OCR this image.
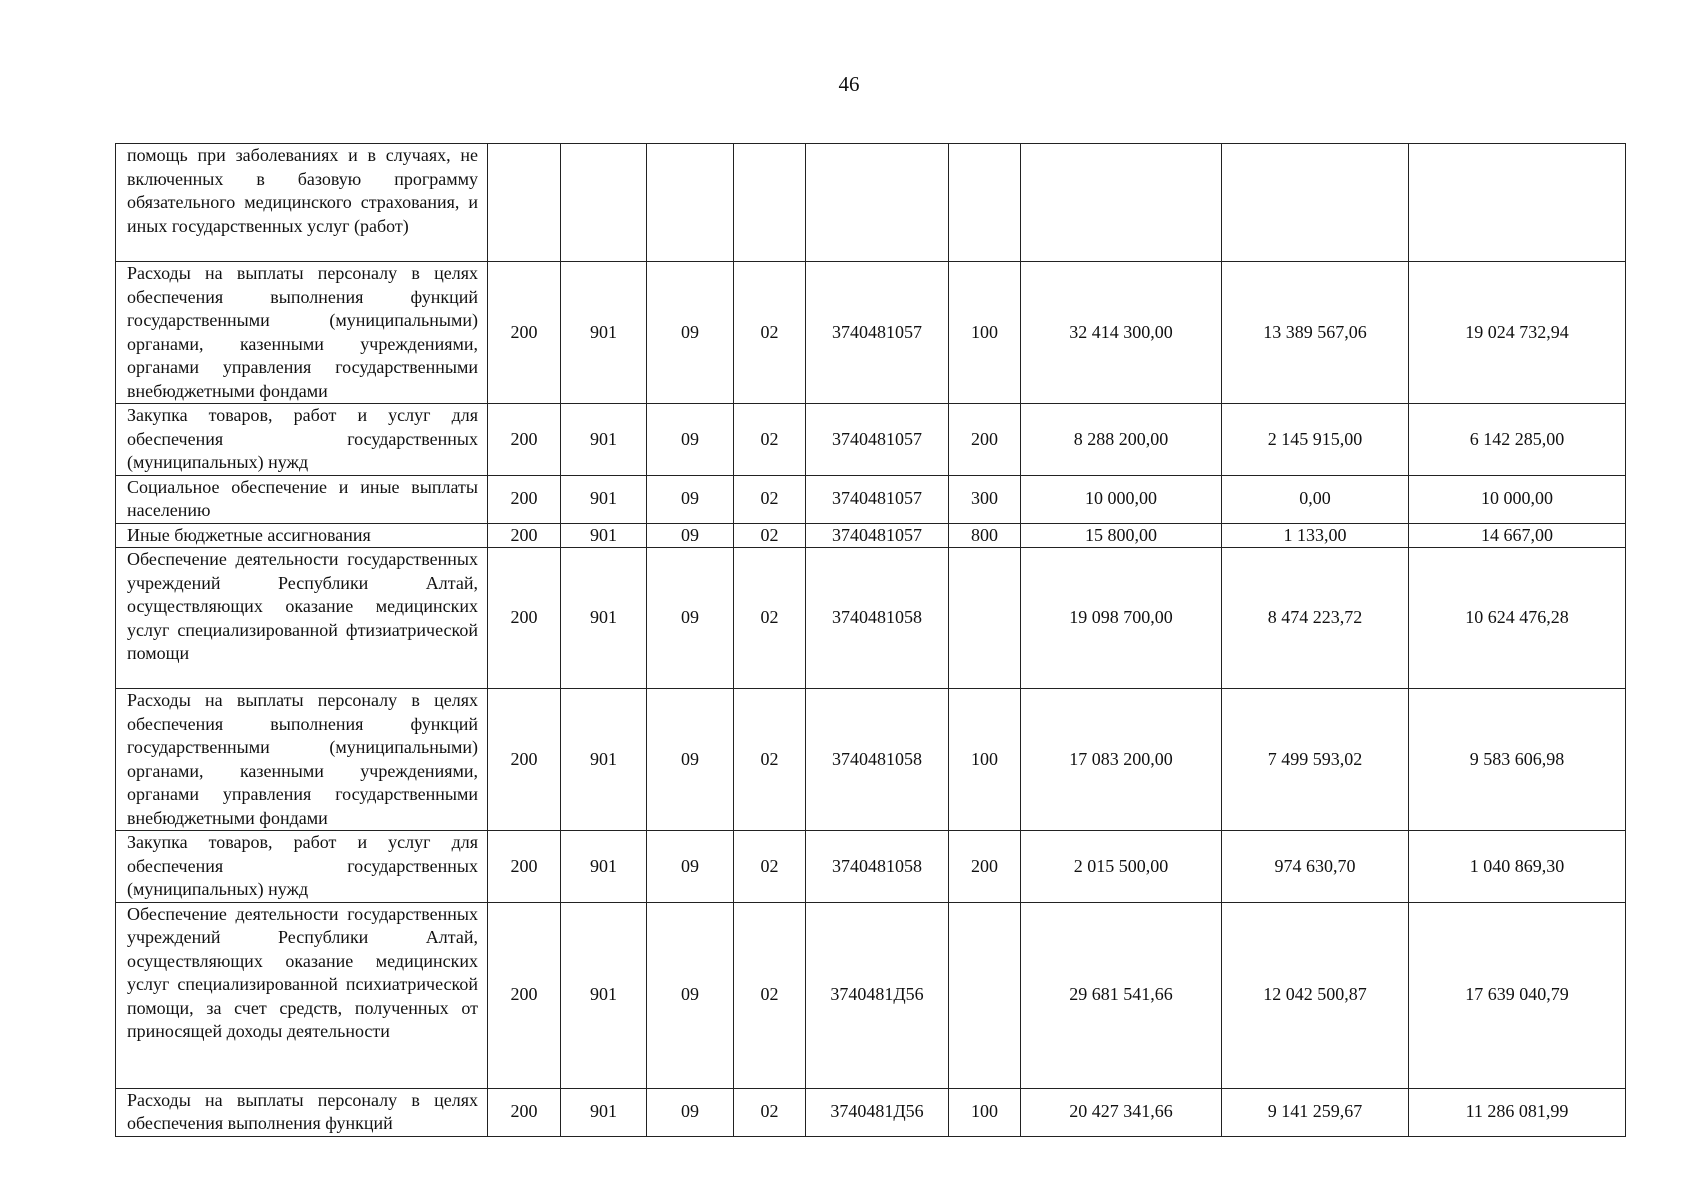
46
помощь при заболеваниях и в случаях, не включенных в базовую программу обязательного медицинского страхования, и иных государственных услуг (работ)									
Расходы на выплаты персоналу в целях обеспечения выполнения функций государственными (муниципальными) органами, казенными учреждениями, органами управления государственными внебюджетными фондами	200	901	09	02	3740481057	100	32 414 300,00	13 389 567,06	19 024 732,94
Закупка товаров, работ и услуг для обеспечения государственных (муниципальных) нужд	200	901	09	02	3740481057	200	8 288 200,00	2 145 915,00	6 142 285,00
Социальное обеспечение и иные выплаты населению	200	901	09	02	3740481057	300	10 000,00	0,00	10 000,00
Иные бюджетные ассигнования	200	901	09	02	3740481057	800	15 800,00	1 133,00	14 667,00
Обеспечение деятельности государственных учреждений Республики Алтай, осуществляющих оказание медицинских услуг специализированной фтизиатрической помощи	200	901	09	02	3740481058		19 098 700,00	8 474 223,72	10 624 476,28
Расходы на выплаты персоналу в целях обеспечения выполнения функций государственными (муниципальными) органами, казенными учреждениями, органами управления государственными внебюджетными фондами	200	901	09	02	3740481058	100	17 083 200,00	7 499 593,02	9 583 606,98
Закупка товаров, работ и услуг для обеспечения государственных (муниципальных) нужд	200	901	09	02	3740481058	200	2 015 500,00	974 630,70	1 040 869,30
Обеспечение деятельности государственных учреждений Республики Алтай, осуществляющих оказание медицинских услуг специализированной психиатрической помощи, за счет средств, полученных от приносящей доходы деятельности	200	901	09	02	3740481Д56		29 681 541,66	12 042 500,87	17 639 040,79
Расходы на выплаты персоналу в целях обеспечения выполнения функций	200	901	09	02	3740481Д56	100	20 427 341,66	9 141 259,67	11 286 081,99
